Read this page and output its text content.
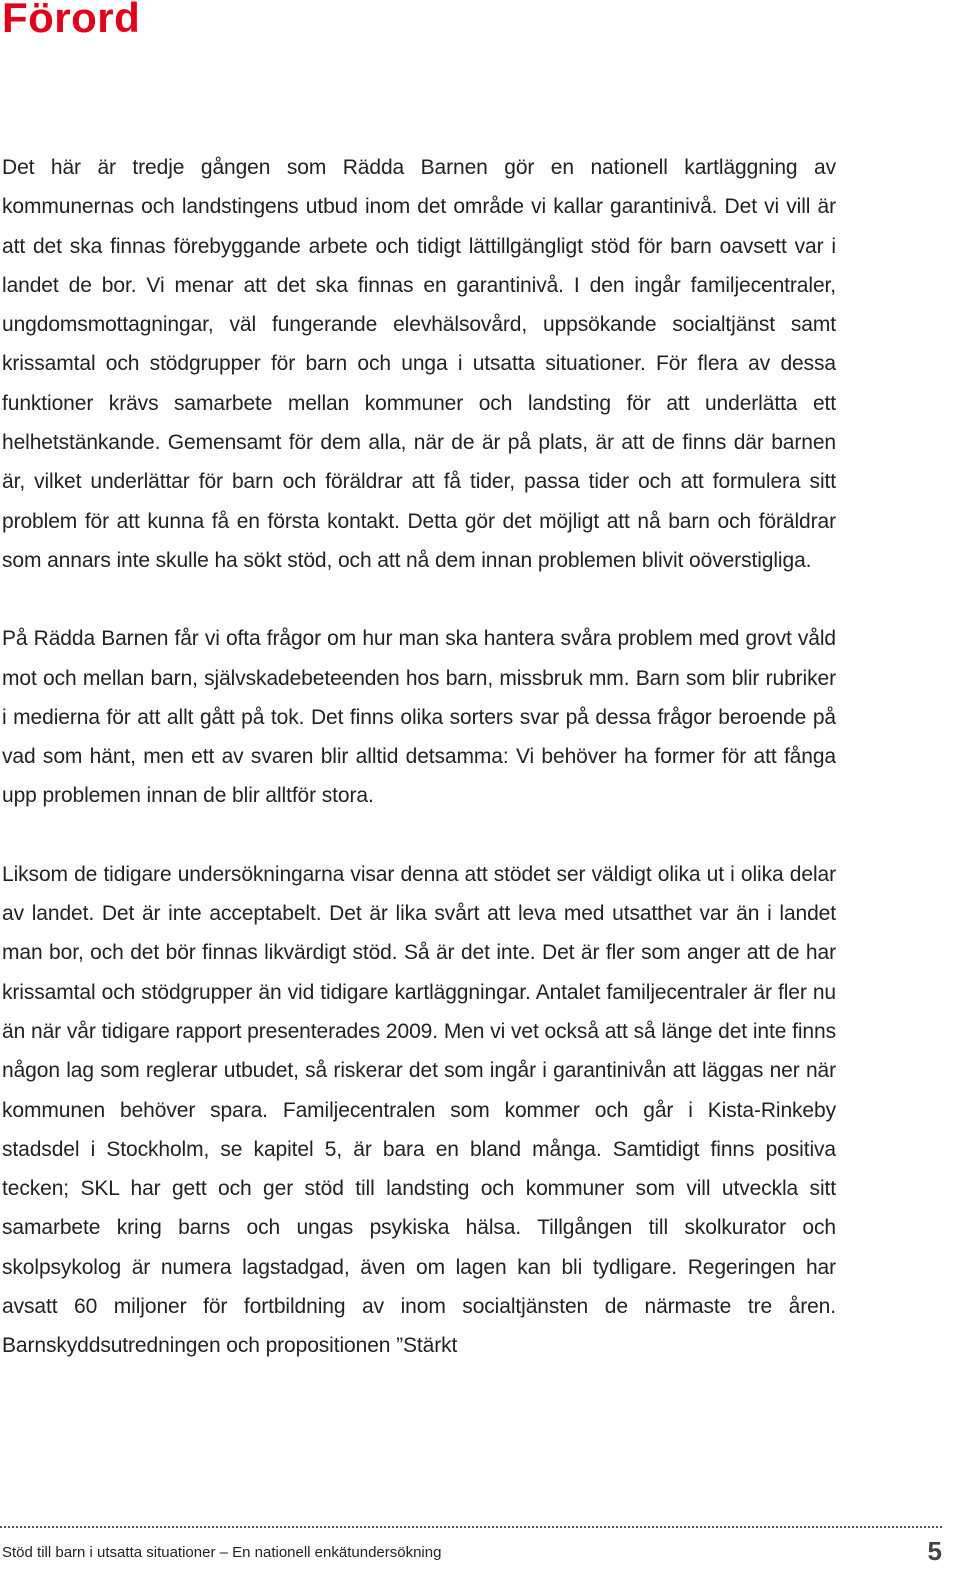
Förord

Det här är tredje gången som Rädda Barnen gör en nationell kartläggning av kommunernas och landstingens utbud inom det område vi kallar garantinivå. Det vi vill är att det ska finnas förebyggande arbete och tidigt lättillgängligt stöd för barn oavsett var i landet de bor. Vi menar att det ska finnas en garantinivå. I den ingår familjecentraler, ungdomsmottagningar, väl fungerande elevhälsovård, uppsökande socialtjänst samt krissamtal och stödgrupper för barn och unga i utsatta situationer. För flera av dessa funktioner krävs samarbete mellan kommuner och landsting för att underlätta ett helhetstänkande. Gemensamt för dem alla, när de är på plats, är att de finns där barnen är, vilket underlättar för barn och föräldrar att få tider, passa tider och att formulera sitt problem för att kunna få en första kontakt. Detta gör det möjligt att nå barn och föräldrar som annars inte skulle ha sökt stöd, och att nå dem innan problemen blivit oöverstigliga.

På Rädda Barnen får vi ofta frågor om hur man ska hantera svåra problem med grovt våld mot och mellan barn, självskadebeteenden hos barn, missbruk mm. Barn som blir rubriker i medierna för att allt gått på tok. Det finns olika sorters svar på dessa frågor beroende på vad som hänt, men ett av svaren blir alltid detsamma: Vi behöver ha former för att fånga upp problemen innan de blir alltför stora.

Liksom de tidigare undersökningarna visar denna att stödet ser väldigt olika ut i olika delar av landet. Det är inte acceptabelt. Det är lika svårt att leva med utsatthet var än i landet man bor, och det bör finnas likvärdigt stöd. Så är det inte. Det är fler som anger att de har krissamtal och stödgrupper än vid tidigare kartläggningar. Antalet familjecentraler är fler nu än när vår tidigare rapport presenterades 2009. Men vi vet också att så länge det inte finns någon lag som reglerar utbudet, så riskerar det som ingår i garantinivån att läggas ner när kommunen behöver spara. Familjecentralen som kommer och går i Kista-Rinkeby stadsdel i Stockholm, se kapitel 5, är bara en bland många. Samtidigt finns positiva tecken; SKL har gett och ger stöd till landsting och kommuner som vill utveckla sitt samarbete kring barns och ungas psykiska hälsa. Tillgången till skolkurator och skolpsykolog är numera lagstadgad, även om lagen kan bli tydligare. Regeringen har avsatt 60 miljoner för fortbildning av inom socialtjänsten de närmaste tre åren. Barnskyddsutredningen och propositionen ”Stärkt

Stöd till barn i utsatta situationer – En nationell enkätundersökning	5
